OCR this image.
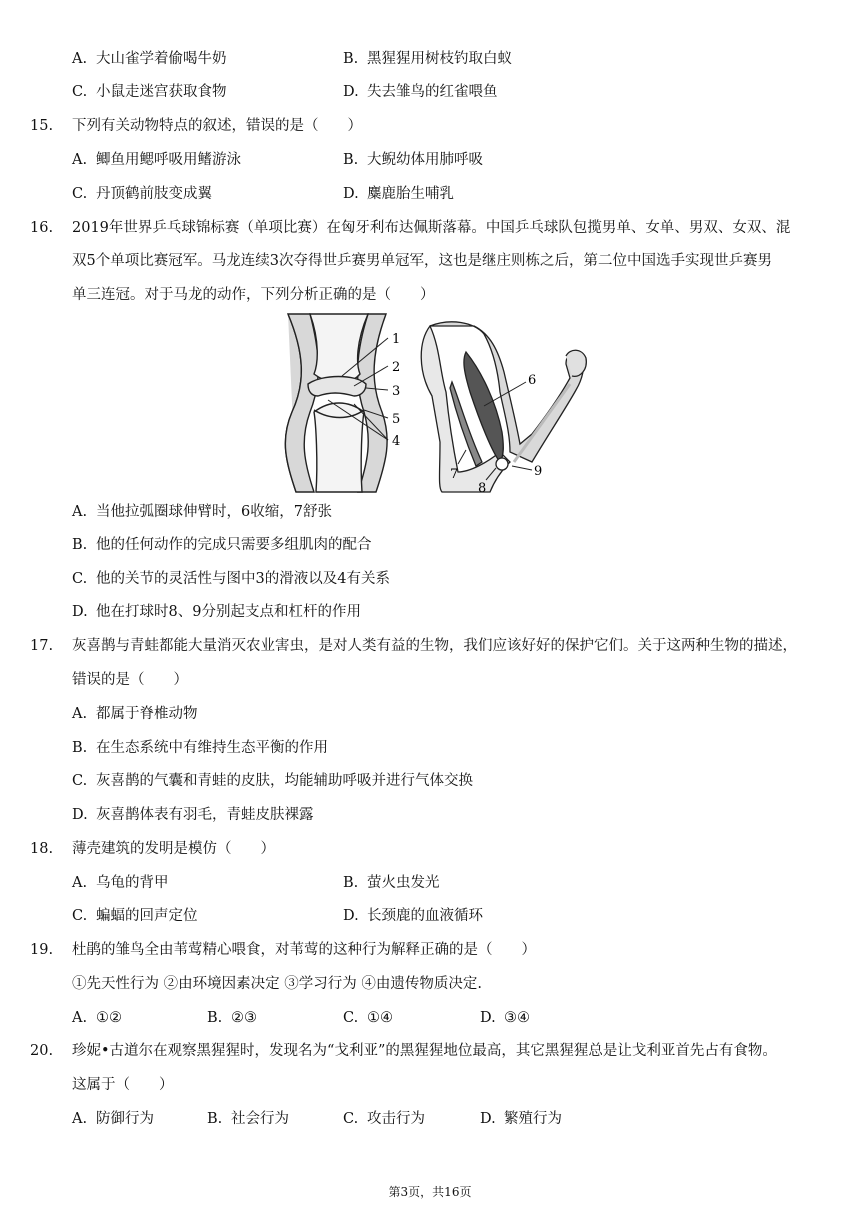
A. 大山雀学着偷喝牛奶	B. 黑猩猩用树枝钓取白蚁
C. 小鼠走迷宫获取食物	D. 失去雏鸟的红雀喂鱼
15. 下列有关动物特点的叙述，错误的是（　　）
A. 鲫鱼用鳃呼吸用鳍游泳	B. 大鲵幼体用肺呼吸
C. 丹顶鹤前肢变成翼	D. 麋鹿胎生哺乳
16. 2019年世界乒乓球锦标赛（单项比赛）在匈牙利布达佩斯落幕。中国乒乓球队包揽男单、女单、男双、女双、混
双5个单项比赛冠军。马龙连续3次夺得世乒赛男单冠军，这也是继庄则栋之后，第二位中国选手实现世乒赛男
单三连冠。对于马龙的动作，下列分析正确的是（　　）
1
2
3
5
4
6
7
8
9
A. 当他拉弧圈球伸臂时，6收缩，7舒张
B. 他的任何动作的完成只需要多组肌肉的配合
C. 他的关节的灵活性与图中3的滑液以及4有关系
D. 他在打球时8、9分别起支点和杠杆的作用
17. 灰喜鹊与青蛙都能大量消灭农业害虫，是对人类有益的生物，我们应该好好的保护它们。关于这两种生物的描述，
错误的是（　　）
A. 都属于脊椎动物
B. 在生态系统中有维持生态平衡的作用
C. 灰喜鹊的气囊和青蛙的皮肤，均能辅助呼吸并进行气体交换
D. 灰喜鹊体表有羽毛，青蛙皮肤裸露
18. 薄壳建筑的发明是模仿（　　）
A. 乌龟的背甲	B. 萤火虫发光
C. 蝙蝠的回声定位	D. 长颈鹿的血液循环
19. 杜鹃的雏鸟全由苇莺精心喂食，对苇莺的这种行为解释正确的是（　　）
①先天性行为 ②由环境因素决定 ③学习行为 ④由遗传物质决定.
A. ①②	B. ②③	C. ①④	D. ③④
20. 珍妮•古道尔在观察黑猩猩时，发现名为“戈利亚”的黑猩猩地位最高，其它黑猩猩总是让戈利亚首先占有食物。
这属于（　　）
A. 防御行为	B. 社会行为	C. 攻击行为	D. 繁殖行为
第3页，共16页
